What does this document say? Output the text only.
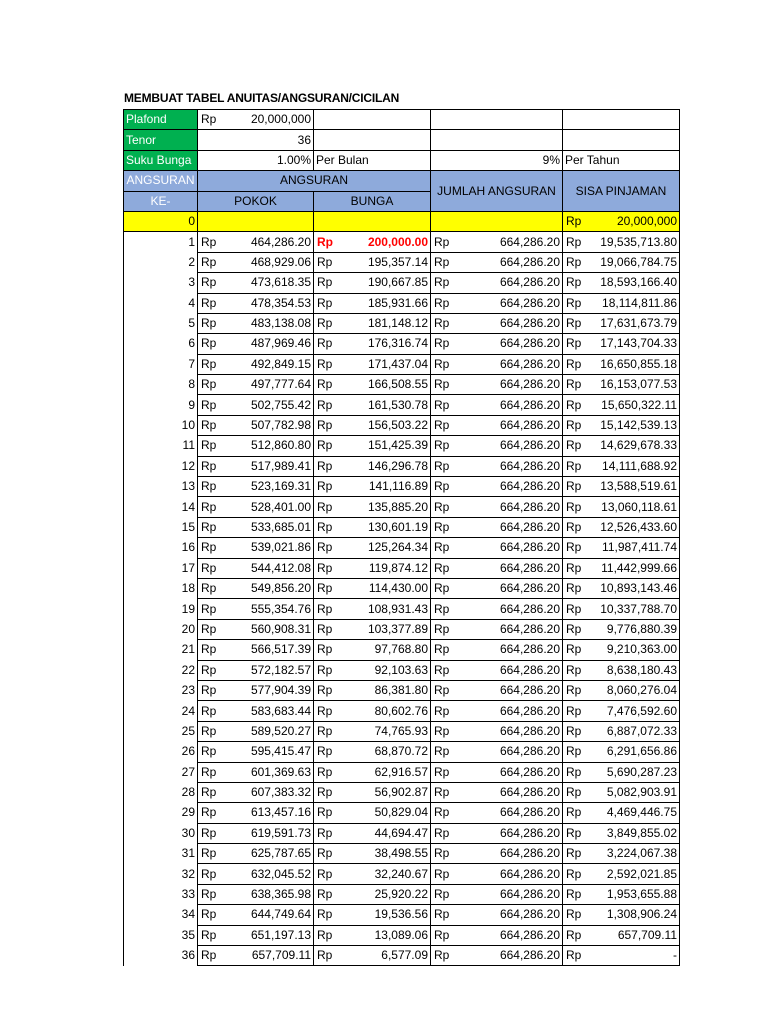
MEMBUAT TABEL ANUITAS/ANGSURAN/CICILAN
Plafond	Rp 20,000,000			

Tenor	36			
Suku Bunga	1.00%	Per Bulan	9%	Per Tahun
ANGSURAN	ANGSURAN		JUMLAH ANGSURAN	SISA PINJAMAN
KE-	POKOK	BUNGA		
0				Rp 20,000,000

1	Rp 464,286.20	Rp 200,000.00	Rp 664,286.20	Rp 19,535,713.80

2	Rp 468,929.06	Rp 195,357.14	Rp 664,286.20	Rp 19,066,784.75

3	Rp 473,618.35	Rp 190,667.85	Rp 664,286.20	Rp 18,593,166.40

4	Rp 478,354.53	Rp 185,931.66	Rp 664,286.20	Rp 18,114,811.86

5	Rp 483,138.08	Rp 181,148.12	Rp 664,286.20	Rp 17,631,673.79

6	Rp 487,969.46	Rp 176,316.74	Rp 664,286.20	Rp 17,143,704.33

7	Rp 492,849.15	Rp 171,437.04	Rp 664,286.20	Rp 16,650,855.18

8	Rp 497,777.64	Rp 166,508.55	Rp 664,286.20	Rp 16,153,077.53

9	Rp 502,755.42	Rp 161,530.78	Rp 664,286.20	Rp 15,650,322.11

10	Rp 507,782.98	Rp 156,503.22	Rp 664,286.20	Rp 15,142,539.13

11	Rp 512,860.80	Rp 151,425.39	Rp 664,286.20	Rp 14,629,678.33

12	Rp 517,989.41	Rp 146,296.78	Rp 664,286.20	Rp 14,111,688.92

13	Rp 523,169.31	Rp 141,116.89	Rp 664,286.20	Rp 13,588,519.61

14	Rp 528,401.00	Rp 135,885.20	Rp 664,286.20	Rp 13,060,118.61

15	Rp 533,685.01	Rp 130,601.19	Rp 664,286.20	Rp 12,526,433.60

16	Rp 539,021.86	Rp 125,264.34	Rp 664,286.20	Rp 11,987,411.74

17	Rp 544,412.08	Rp 119,874.12	Rp 664,286.20	Rp 11,442,999.66

18	Rp 549,856.20	Rp 114,430.00	Rp 664,286.20	Rp 10,893,143.46

19	Rp 555,354.76	Rp 108,931.43	Rp 664,286.20	Rp 10,337,788.70

20	Rp 560,908.31	Rp 103,377.89	Rp 664,286.20	Rp 9,776,880.39

21	Rp 566,517.39	Rp 97,768.80	Rp 664,286.20	Rp 9,210,363.00

22	Rp 572,182.57	Rp 92,103.63	Rp 664,286.20	Rp 8,638,180.43

23	Rp 577,904.39	Rp 86,381.80	Rp 664,286.20	Rp 8,060,276.04

24	Rp 583,683.44	Rp 80,602.76	Rp 664,286.20	Rp 7,476,592.60

25	Rp 589,520.27	Rp 74,765.93	Rp 664,286.20	Rp 6,887,072.33

26	Rp 595,415.47	Rp 68,870.72	Rp 664,286.20	Rp 6,291,656.86

27	Rp 601,369.63	Rp 62,916.57	Rp 664,286.20	Rp 5,690,287.23

28	Rp 607,383.32	Rp 56,902.87	Rp 664,286.20	Rp 5,082,903.91

29	Rp 613,457.16	Rp 50,829.04	Rp 664,286.20	Rp 4,469,446.75

30	Rp 619,591.73	Rp 44,694.47	Rp 664,286.20	Rp 3,849,855.02

31	Rp 625,787.65	Rp 38,498.55	Rp 664,286.20	Rp 3,224,067.38

32	Rp 632,045.52	Rp 32,240.67	Rp 664,286.20	Rp 2,592,021.85

33	Rp 638,365.98	Rp 25,920.22	Rp 664,286.20	Rp 1,953,655.88

34	Rp 644,749.64	Rp 19,536.56	Rp 664,286.20	Rp 1,308,906.24

35	Rp 651,197.13	Rp 13,089.06	Rp 664,286.20	Rp 657,709.11

36	Rp 657,709.11	Rp 6,577.09	Rp 664,286.20	Rp -
